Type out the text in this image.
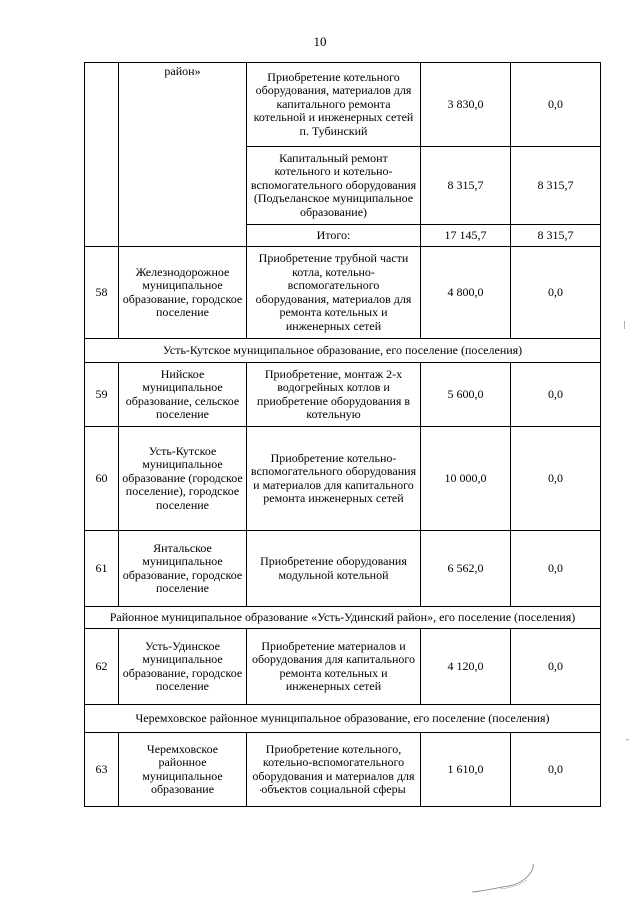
10
	район»	Приобретение котельного оборудования, материалов для капитального ремонта котельной и инженерных сетей п. Тубинский	3 830,0	0,0
		Капитальный ремонт котельного и котельно-вспомогательного оборудования (Подъеланское муниципальное образование)	8 315,7	8 315,7
		Итого:	17 145,7	8 315,7
58	Железнодорожное муниципальное образование, городское поселение	Приобретение трубной части котла, котельно-вспомогательного оборудования, материалов для ремонта котельных и инженерных сетей	4 800,0	0,0
Усть-Кутское муниципальное образование, его поселение (поселения)				
59	Нийское муниципальное образование, сельское поселение	Приобретение, монтаж 2-х водогрейных котлов и приобретение оборудования в котельную	5 600,0	0,0
60	Усть-Кутское муниципальное образование (городское поселение), городское поселение	Приобретение котельно-вспомогательного оборудования и материалов для капитального ремонта инженерных сетей	10 000,0	0,0
61	Янтальское муниципальное образование, городское поселение	Приобретение оборудования модульной котельной	6 562,0	0,0
Районное муниципальное образование «Усть-Удинский район», его поселение (поселения)				
62	Усть-Удинское муниципальное образование, городское поселение	Приобретение материалов и оборудования для капитального ремонта котельных и инженерных сетей	4 120,0	0,0
Черемховское районное муниципальное образование, его поселение (поселения)				
63	Черемховское районное муниципальное образование	Приобретение котельного, котельно-вспомогательного оборудования и материалов для объектов социальной сферы	1 610,0	0,0
|
-
·
